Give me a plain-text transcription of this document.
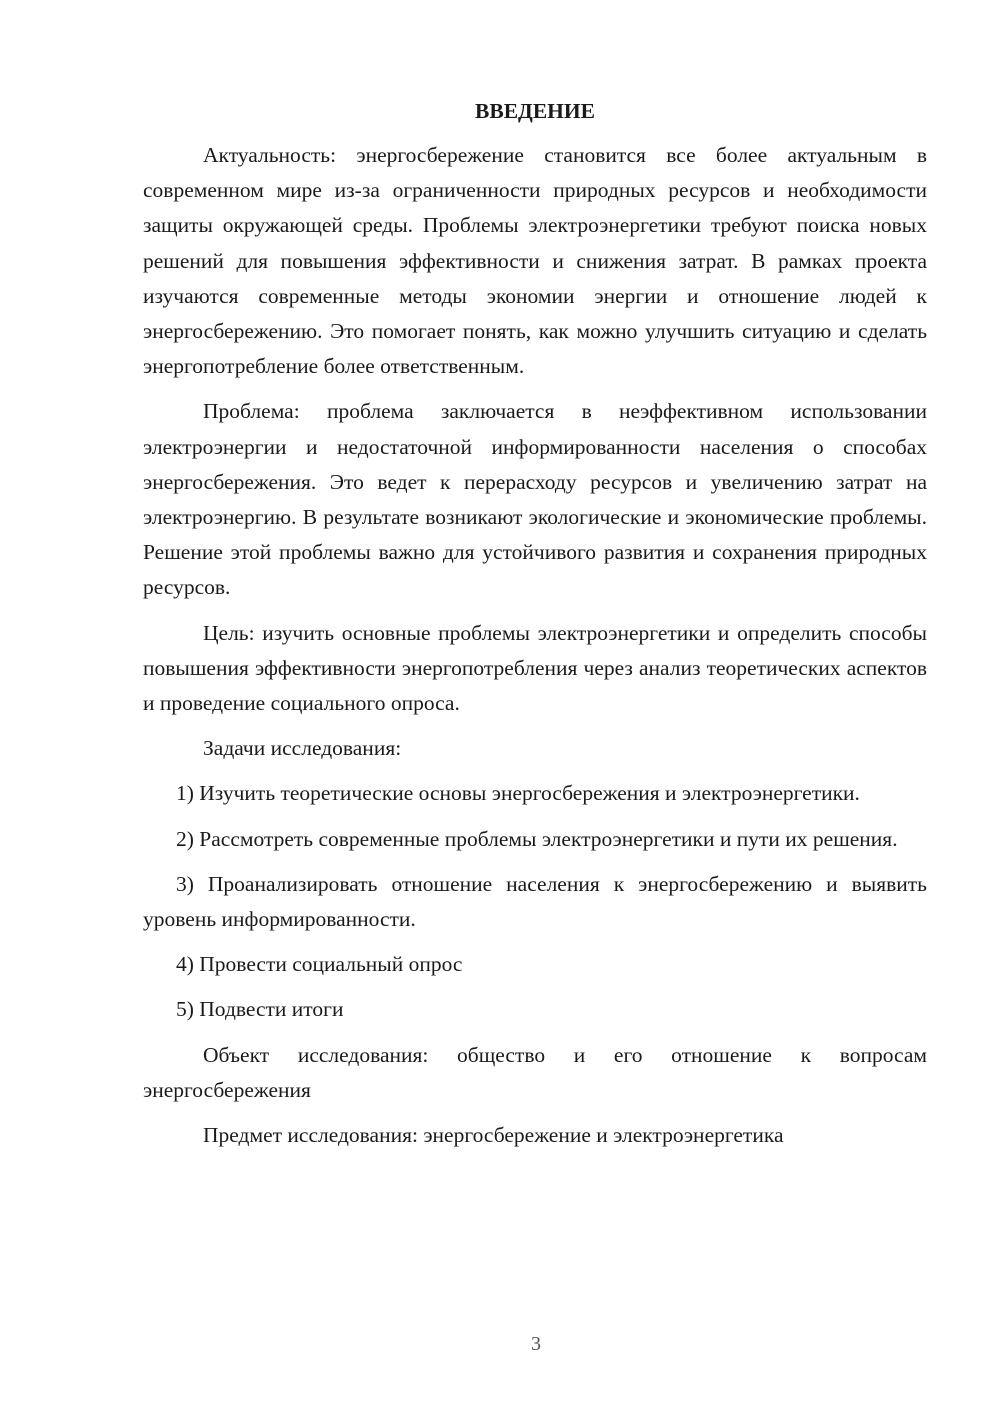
ВВЕДЕНИЕ

Актуальность: энергосбережение становится все более актуальным в современном мире из-за ограниченности природных ресурсов и необходимости защиты окружающей среды. Проблемы электроэнергетики требуют поиска новых решений для повышения эффективности и снижения затрат. В рамках проекта изучаются современные методы экономии энергии и отношение людей к энергосбережению. Это помогает понять, как можно улучшить ситуацию и сделать энергопотребление более ответственным.

Проблема: проблема заключается в неэффективном использовании электроэнергии и недостаточной информированности населения о способах энергосбережения. Это ведет к перерасходу ресурсов и увеличению затрат на электроэнергию. В результате возникают экологические и экономические проблемы. Решение этой проблемы важно для устойчивого развития и сохранения природных ресурсов.

Цель: изучить основные проблемы электроэнергетики и определить способы повышения эффективности энергопотребления через анализ теоретических аспектов и проведение социального опроса.

Задачи исследования:

1) Изучить теоретические основы энергосбережения и электроэнергетики.

2) Рассмотреть современные проблемы электроэнергетики и пути их решения.

3) Проанализировать отношение населения к энергосбережению и выявить уровень информированности.

4) Провести социальный опрос

5) Подвести итоги

Объект исследования: общество и его отношение к вопросам энергосбережения

Предмет исследования: энергосбережение и электроэнергетика

3
